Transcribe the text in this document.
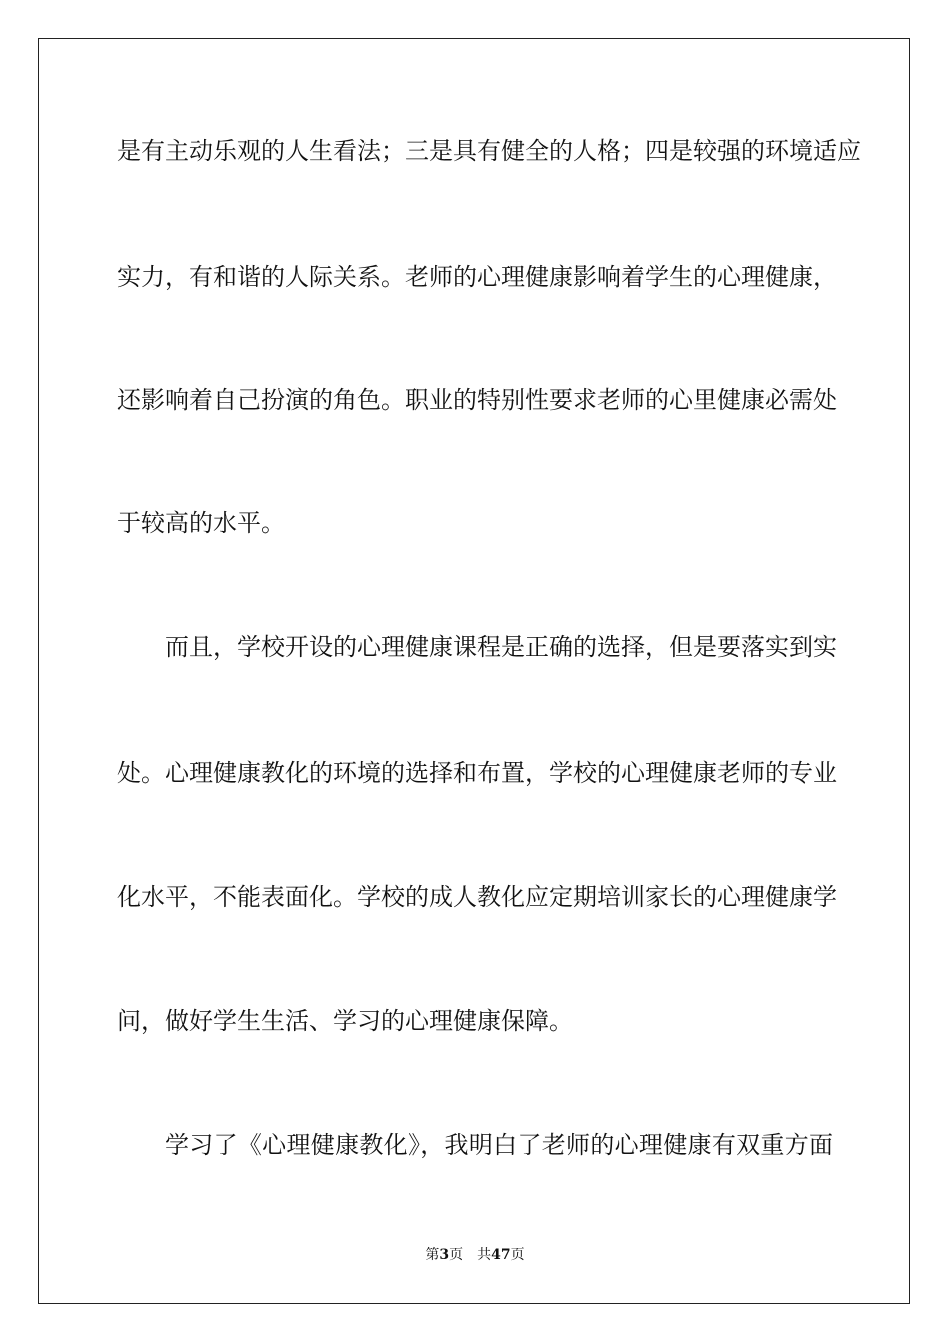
是有主动乐观的人生看法；三是具有健全的人格；四是较强的环境适应
实力，有和谐的人际关系。老师的心理健康影响着学生的心理健康，
还影响着自己扮演的角色。职业的特别性要求老师的心里健康必需处
于较高的水平。
而且，学校开设的心理健康课程是正确的选择，但是要落实到实
处。心理健康教化的环境的选择和布置，学校的心理健康老师的专业
化水平，不能表面化。学校的成人教化应定期培训家长的心理健康学
问，做好学生生活、学习的心理健康保障。
学习了《心理健康教化》，我明白了老师的心理健康有双重方面
第3页 共47页
